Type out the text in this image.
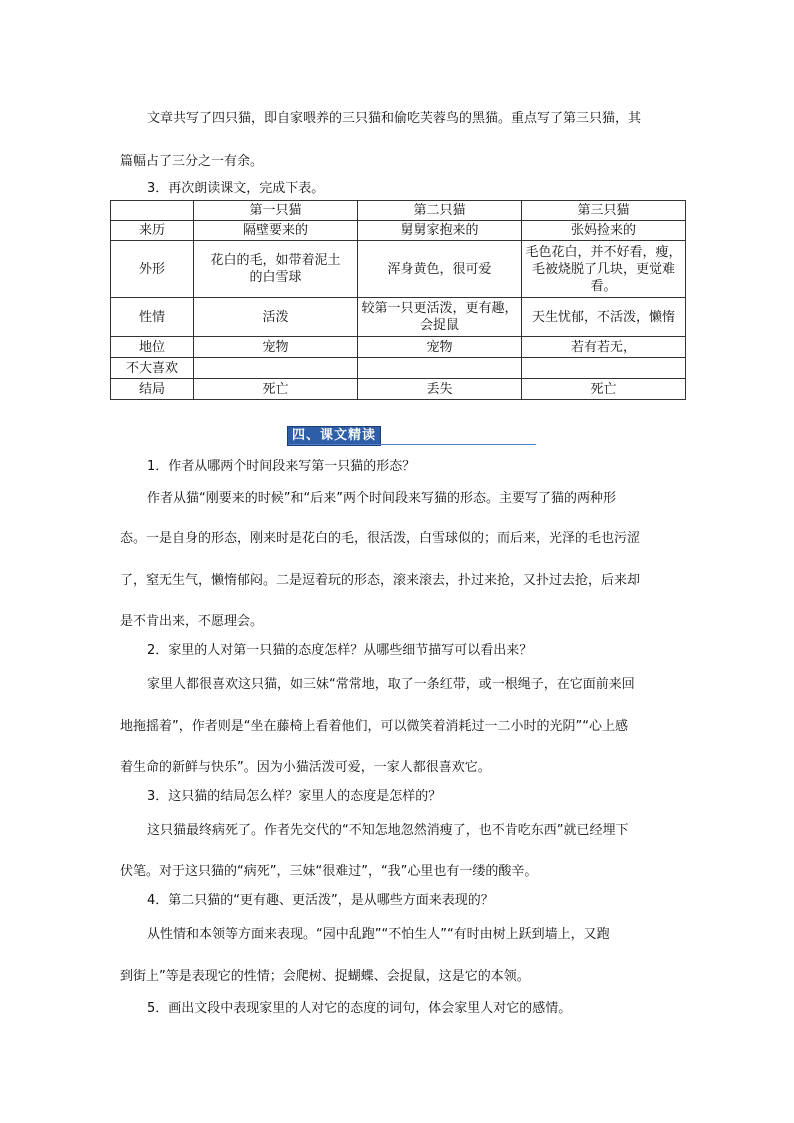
文章共写了四只猫，即自家喂养的三只猫和偷吃芙蓉鸟的黑猫。重点写了第三只猫，其
篇幅占了三分之一有余。
3．再次朗读课文，完成下表。
	第一只猫	第二只猫	第三只猫
来历	隔壁要来的	舅舅家抱来的	张妈捡来的
外形	花白的毛，如带着泥土的白雪球	浑身黄色，很可爱	毛色花白，并不好看，瘦，毛被烧脱了几块，更觉难看。
性情	活泼	较第一只更活泼，更有趣，会捉鼠	天生忧郁，不活泼，懒惰
地位	宠物	宠物	若有若无，
不大喜欢			
结局	死亡	丢失	死亡
四、课文精读
1．作者从哪两个时间段来写第一只猫的形态？
作者从猫“刚要来的时候”和“后来”两个时间段来写猫的形态。主要写了猫的两种形
态。一是自身的形态，刚来时是花白的毛，很活泼，白雪球似的；而后来，光泽的毛也污涩
了，窒无生气，懒惰郁闷。二是逗着玩的形态，滚来滚去，扑过来抢，又扑过去抢，后来却
是不肯出来，不愿理会。
2．家里的人对第一只猫的态度怎样？从哪些细节描写可以看出来？
家里人都很喜欢这只猫，如三妹“常常地，取了一条红带，或一根绳子，在它面前来回
地拖摇着”，作者则是“坐在藤椅上看着他们，可以微笑着消耗过一二小时的光阴”“心上感
着生命的新鲜与快乐”。因为小猫活泼可爱，一家人都很喜欢它。
3．这只猫的结局怎么样？家里人的态度是怎样的？
这只猫最终病死了。作者先交代的“不知怎地忽然消瘦了，也不肯吃东西”就已经埋下
伏笔。对于这只猫的“病死”，三妹“很难过”，“我”心里也有一缕的酸辛。
4．第二只猫的“更有趣、更活泼”，是从哪些方面来表现的？
从性情和本领等方面来表现。“园中乱跑”“不怕生人”“有时由树上跃到墙上，又跑
到街上”等是表现它的性情；会爬树、捉蝴蝶、会捉鼠，这是它的本领。
5．画出文段中表现家里的人对它的态度的词句，体会家里人对它的感情。
